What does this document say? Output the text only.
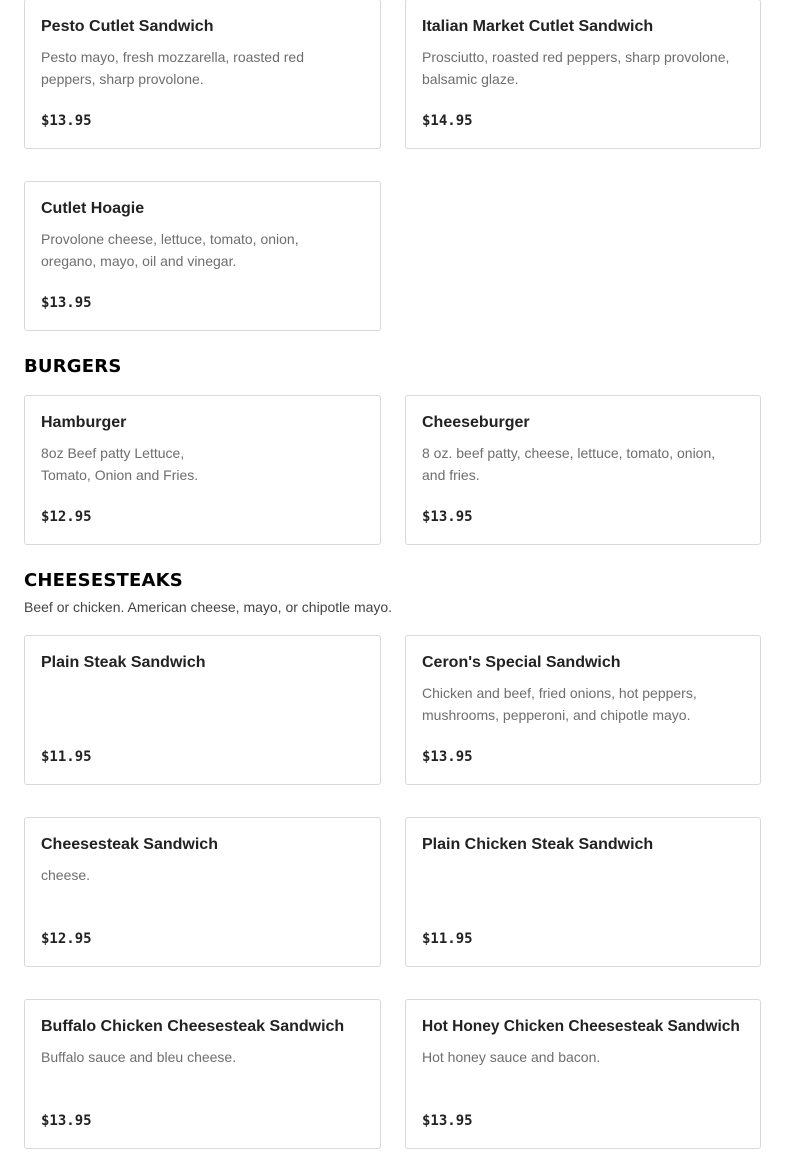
Pesto Cutlet Sandwich
Pesto mayo, fresh mozzarella, roasted red peppers, sharp provolone.
$13.95
Italian Market Cutlet Sandwich
Prosciutto, roasted red peppers, sharp provolone, balsamic glaze.
$14.95
Cutlet Hoagie
Provolone cheese, lettuce, tomato, onion, oregano, mayo, oil and vinegar.
$13.95
BURGERS
Hamburger
8oz Beef patty Lettuce, Tomato, Onion and Fries.
$12.95
Cheeseburger
8 oz. beef patty, cheese, lettuce, tomato, onion, and fries.
$13.95
CHEESESTEAKS
Beef or chicken. American cheese, mayo, or chipotle mayo.
Plain Steak Sandwich
$11.95
Ceron's Special Sandwich
Chicken and beef, fried onions, hot peppers, mushrooms, pepperoni, and chipotle mayo.
$13.95
Cheesesteak Sandwich
cheese.
$12.95
Plain Chicken Steak Sandwich
$11.95
Buffalo Chicken Cheesesteak Sandwich
Buffalo sauce and bleu cheese.
$13.95
Hot Honey Chicken Cheesesteak Sandwich
Hot honey sauce and bacon.
$13.95
